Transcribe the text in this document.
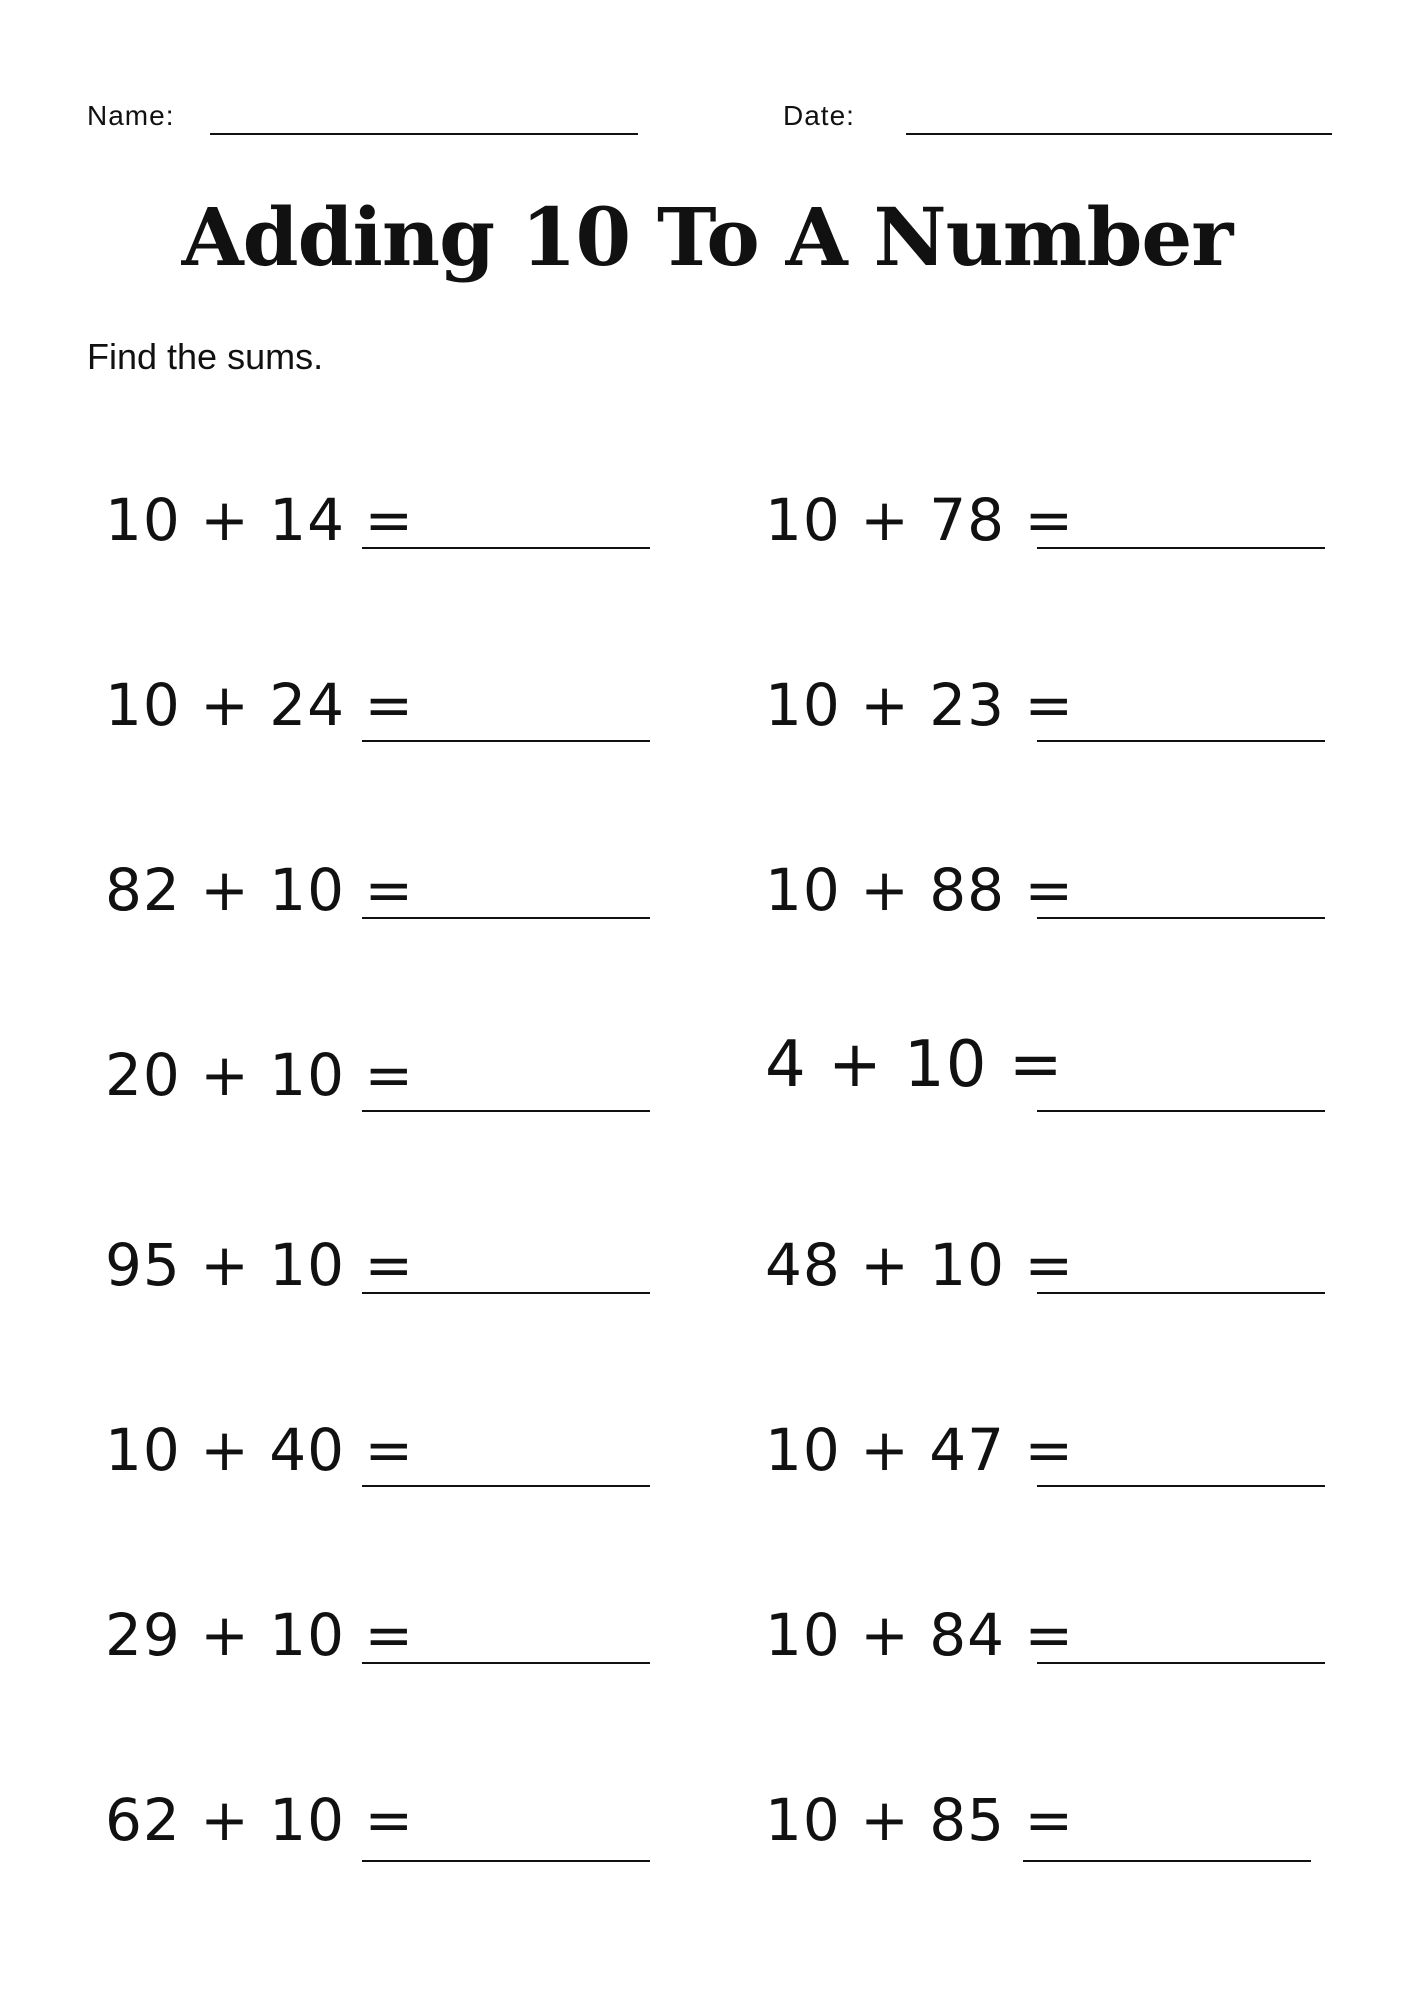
Name:	Date:
Adding 10 To A Number
Find the sums.
10 + 14 =	10 + 78 =
10 + 24 =	10 + 23 =
82 + 10 =	10 + 88 =
20 + 10 =	4 + 10 =
95 + 10 =	48 + 10 =
10 + 40 =	10 + 47 =
29 + 10 =	10 + 84 =
62 + 10 =	10 + 85 =
